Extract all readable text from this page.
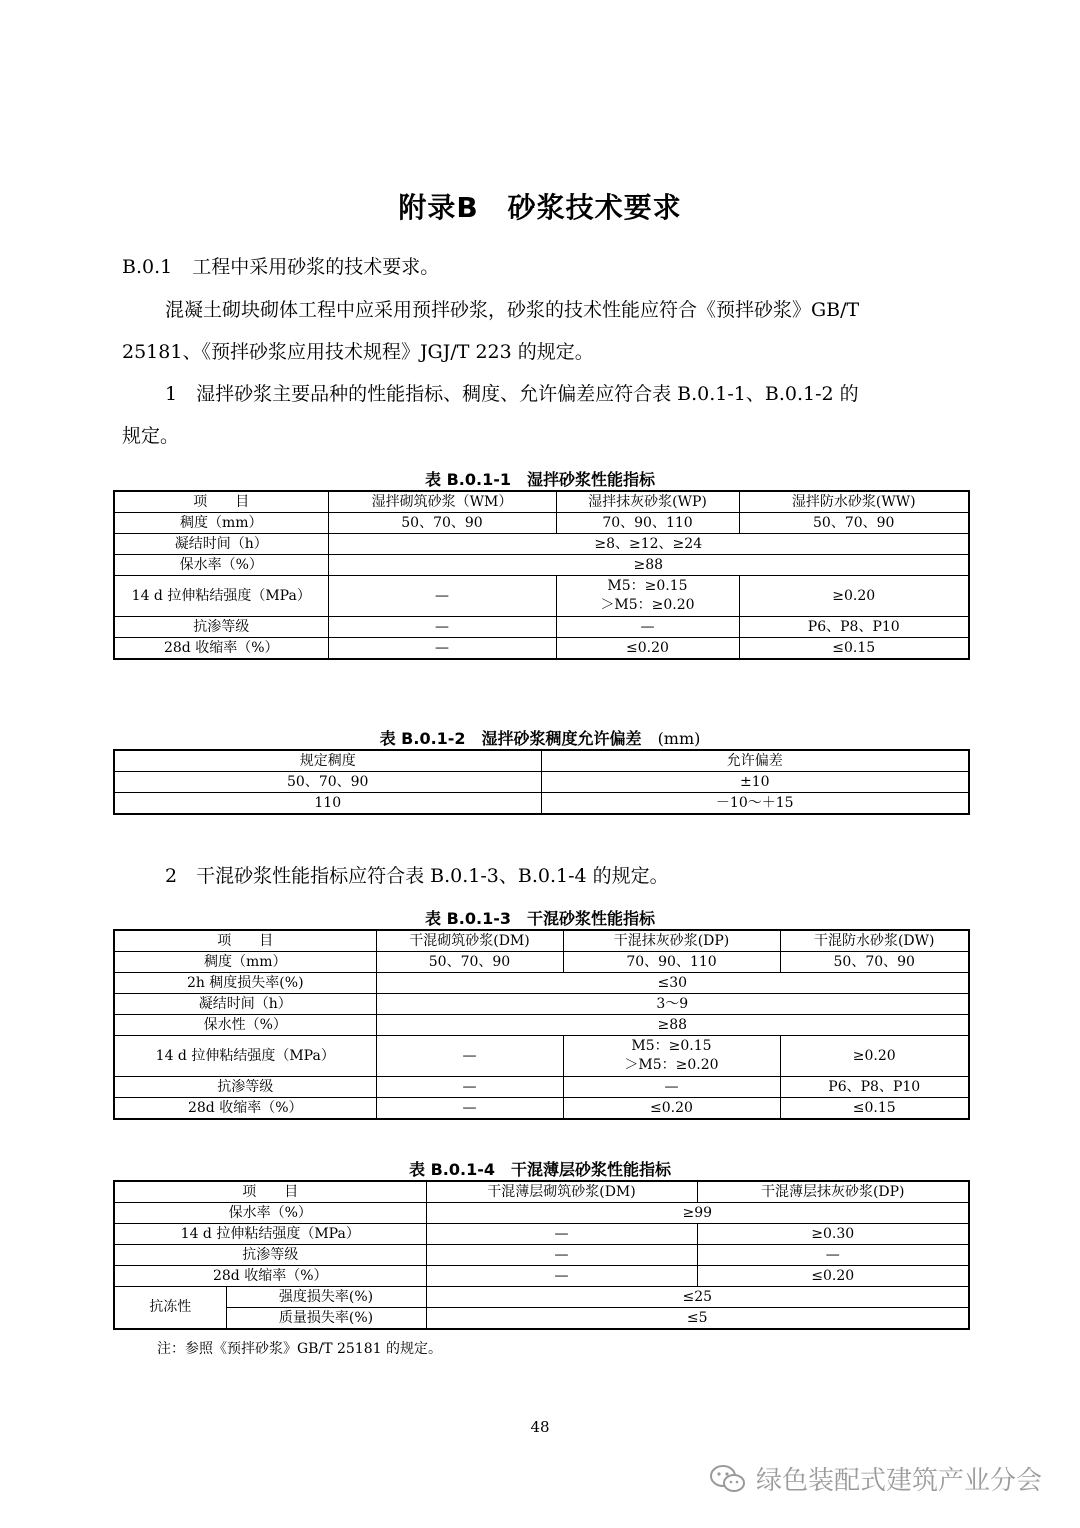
附录B　砂浆技术要求
B.0.1 工程中采用砂浆的技术要求。
混凝土砌块砌体工程中应采用预拌砂浆，砂浆的技术性能应符合《预拌砂浆》GB/T
25181、《预拌砂浆应用技术规程》JGJ/T 223 的规定。
1　湿拌砂浆主要品种的性能指标、稠度、允许偏差应符合表 B.0.1-1、B.0.1-2 的
规定。
表 B.0.1-1　湿拌砂浆性能指标
项　　目	湿拌砌筑砂浆（WM）	湿拌抹灰砂浆(WP)	湿拌防水砂浆(WW)
稠度（mm）	50、70、90	70、90、110	50、70、90
凝结时间（h）	≥8、≥12、≥24		
保水率（%）	≥88		
14 d 拉伸粘结强度（MPa）	—	M5：≥0.15
＞M5：≥0.20	≥0.20
抗渗等级	—	—	P6、P8、P10
28d 收缩率（%）	—	≤0.20	≤0.15
表 B.0.1-2　湿拌砂浆稠度允许偏差 (mm)
规定稠度	允许偏差
50、70、90	±10
110	－10～＋15
2　干混砂浆性能指标应符合表 B.0.1-3、B.0.1-4 的规定。
表 B.0.1-3　干混砂浆性能指标
项　　目	干混砌筑砂浆(DM)	干混抹灰砂浆(DP)	干混防水砂浆(DW)
稠度（mm）	50、70、90	70、90、110	50、70、90
2h 稠度损失率(%)	≤30		
凝结时间（h）	3～9		
保水性（%）	≥88		
14 d 拉伸粘结强度（MPa）	—	M5：≥0.15
＞M5：≥0.20	≥0.20
抗渗等级	—	—	P6、P8、P10
28d 收缩率（%）	—	≤0.20	≤0.15
表 B.0.1-4　干混薄层砂浆性能指标
项　　目		干混薄层砌筑砂浆(DM)	干混薄层抹灰砂浆(DP)
保水率（%）		≥99	
14 d 拉伸粘结强度（MPa）		—	≥0.30
抗渗等级		—	—
28d 收缩率（%）		—	≤0.20
抗冻性	强度损失率(%)	≤25	
	质量损失率(%)	≤5	
注：参照《预拌砂浆》GB/T 25181 的规定。
48
绿色装配式建筑产业分会
